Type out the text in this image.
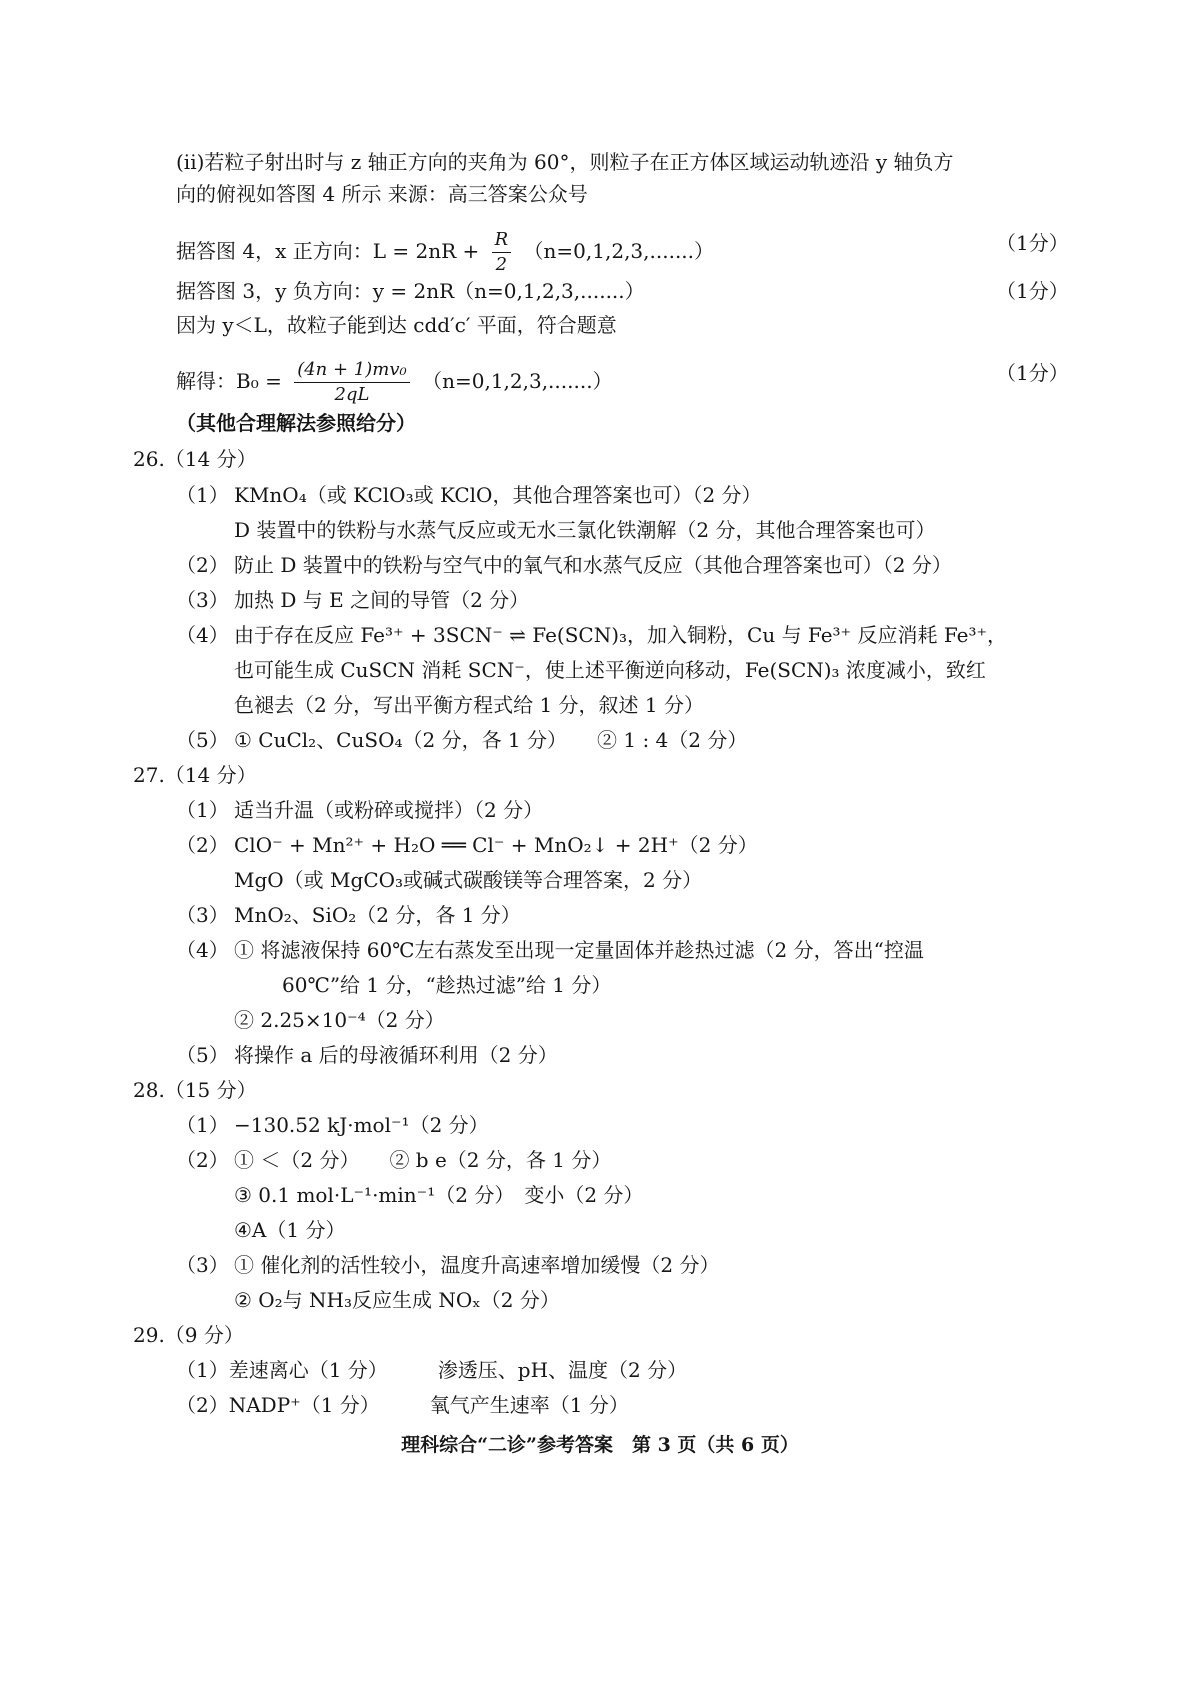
(ii)若粒子射出时与 z 轴正方向的夹角为 60°，则粒子在正方体区域运动轨迹沿 y 轴负方
向的俯视如答图 4 所示 来源：高三答案公众号
据答图 4，x 正方向：$L = 2nR + \frac{R}{2} (n=0,1,2,3,.......)$	（1分）
据答图 3，y 负方向：y = 2nR（n=0,1,2,3,.......）	（1分）
因为 y＜L，故粒子能到达 cdd′c′ 平面，符合题意
解得：$B_0 = \frac{\text{(4n + 1)mv₀}}{2qL} (n=0,1,2,3,.......)$	（1分）
（其他合理解法参照给分）
26.（14 分）
（1） KMnO₄（或 KClO₃或 KClO，其他合理答案也可）（2 分）
D 装置中的铁粉与水蒸气反应或无水三氯化铁潮解（2 分，其他合理答案也可）
（2） 防止 D 装置中的铁粉与空气中的氧气和水蒸气反应（其他合理答案也可）（2 分）
（3） 加热 D 与 E 之间的导管（2 分）
（4） 由于存在反应 Fe³⁺ + 3SCN⁻ ⇌ Fe(SCN)₃，加入铜粉，Cu 与 Fe³⁺ 反应消耗 Fe³⁺，
也可能生成 CuSCN 消耗 SCN⁻，使上述平衡逆向移动，Fe(SCN)₃ 浓度减小，致红
色褪去（2 分，写出平衡方程式给 1 分，叙述 1 分）
（5） ① CuCl₂、CuSO₄（2 分，各 1 分）　　② 1 : 4（2 分）
27.（14 分）
（1） 适当升温（或粉碎或搅拌）（2 分）
（2） ClO⁻ + Mn²⁺ + H₂O ══ Cl⁻ + MnO₂↓ + 2H⁺（2 分）
MgO（或 MgCO₃或碱式碳酸镁等合理答案，2 分）
（3） MnO₂、SiO₂（2 分，各 1 分）
（4） ① 将滤液保持 60℃左右蒸发至出现一定量固体并趁热过滤（2 分，答出“控温
60℃”给 1 分，“趁热过滤”给 1 分）
② 2.25×10⁻⁴（2 分）
（5） 将操作 a 后的母液循环利用（2 分）
28.（15 分）
（1） −130.52 kJ·mol⁻¹（2 分）
（2） ① ＜（2 分）　　② b e（2 分，各 1 分）
③ 0.1 mol·L⁻¹·min⁻¹（2 分）　变小（2 分）
④A（1 分）
（3） ① 催化剂的活性较小，温度升高速率增加缓慢（2 分）
② O₂与 NH₃反应生成 NOₓ（2 分）
29.（9 分）
（1）差速离心（1 分）　　　渗透压、pH、温度（2 分）
（2）NADP⁺（1 分）　　　氧气产生速率（1 分）
理科综合“二诊”参考答案　第 3 页（共 6 页）
